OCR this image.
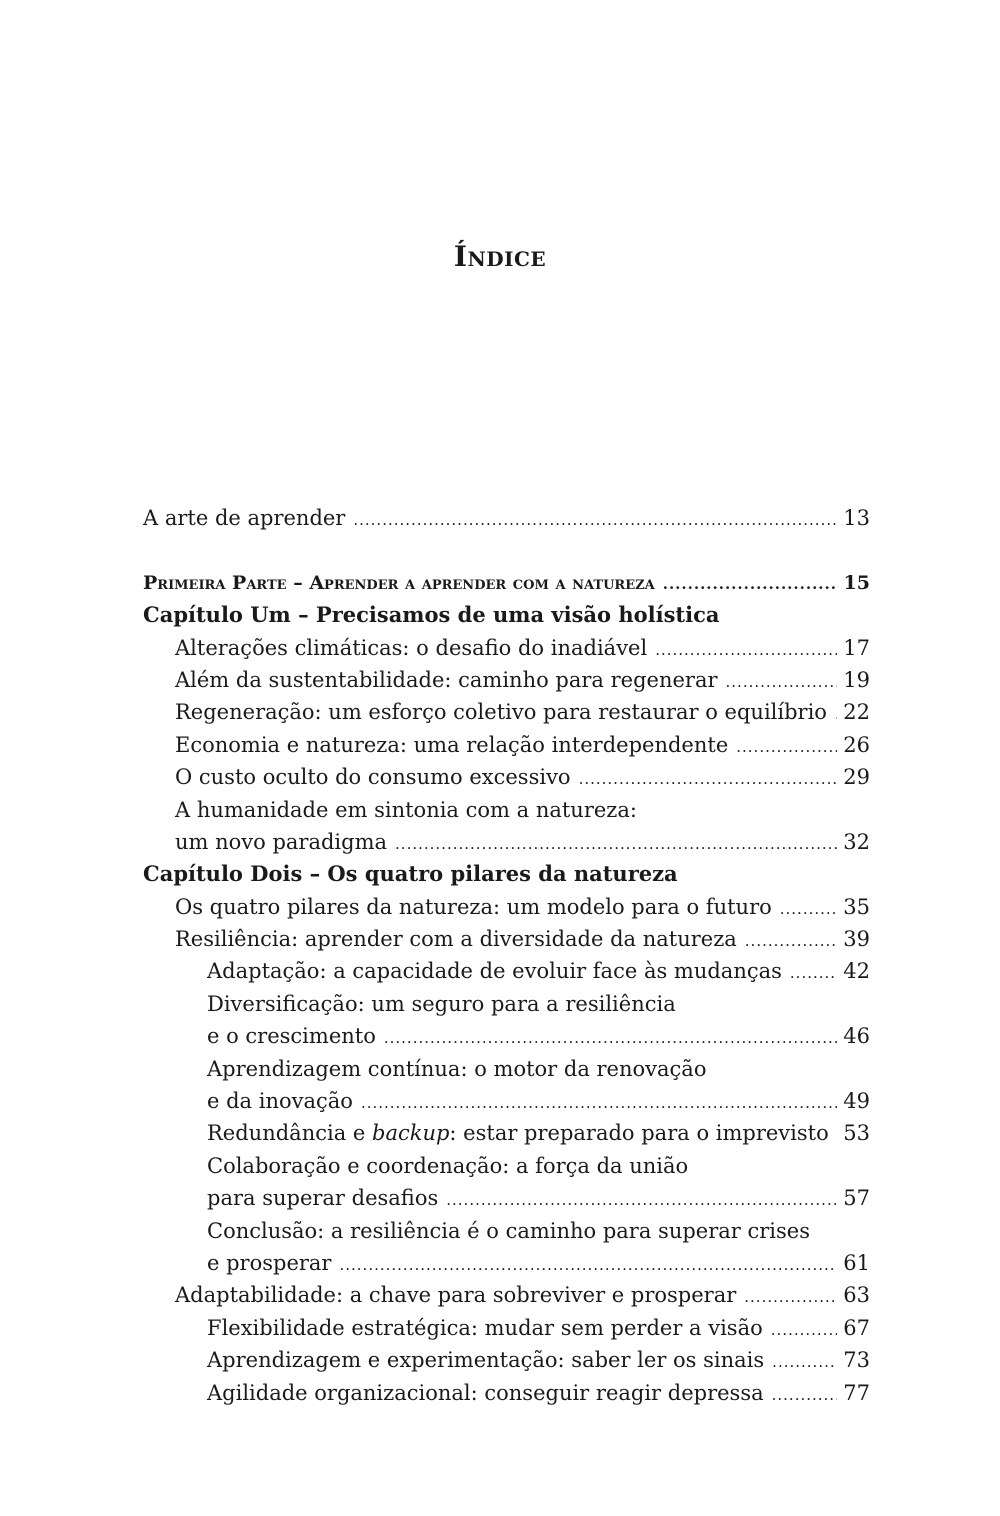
Índice
A arte de aprender .....	13
Primeira Parte – Aprender a aprender com a natureza .....	15
Capítulo Um – Precisamos de uma visão holística
Alterações climáticas: o desafio do inadiável .....	17
Além da sustentabilidade: caminho para regenerar .....	19
Regeneração: um esforço coletivo para restaurar o equilíbrio ..... 22
Economia e natureza: uma relação interdependente .....	26
O custo oculto do consumo excessivo .....	29
A humanidade em sintonia com a natureza:
um novo paradigma .....	32
Capítulo Dois – Os quatro pilares da natureza
Os quatro pilares da natureza: um modelo para o futuro .....	35
Resiliência: aprender com a diversidade da natureza .....	39
Adaptação: a capacidade de evoluir face às mudanças .....	42
Diversificação: um seguro para a resiliência
e o crescimento .....	46
Aprendizagem contínua: o motor da renovação
e da inovação .....	49
Redundância e backup: estar preparado para o imprevisto ..... 53
Colaboração e coordenação: a força da união
para superar desafios .....	57
Conclusão: a resiliência é o caminho para superar crises
e prosperar .....	61
Adaptabilidade: a chave para sobreviver e prosperar .....	63
Flexibilidade estratégica: mudar sem perder a visão .....	67
Aprendizagem e experimentação: saber ler os sinais .....	73
Agilidade organizacional: conseguir reagir depressa .....	77
